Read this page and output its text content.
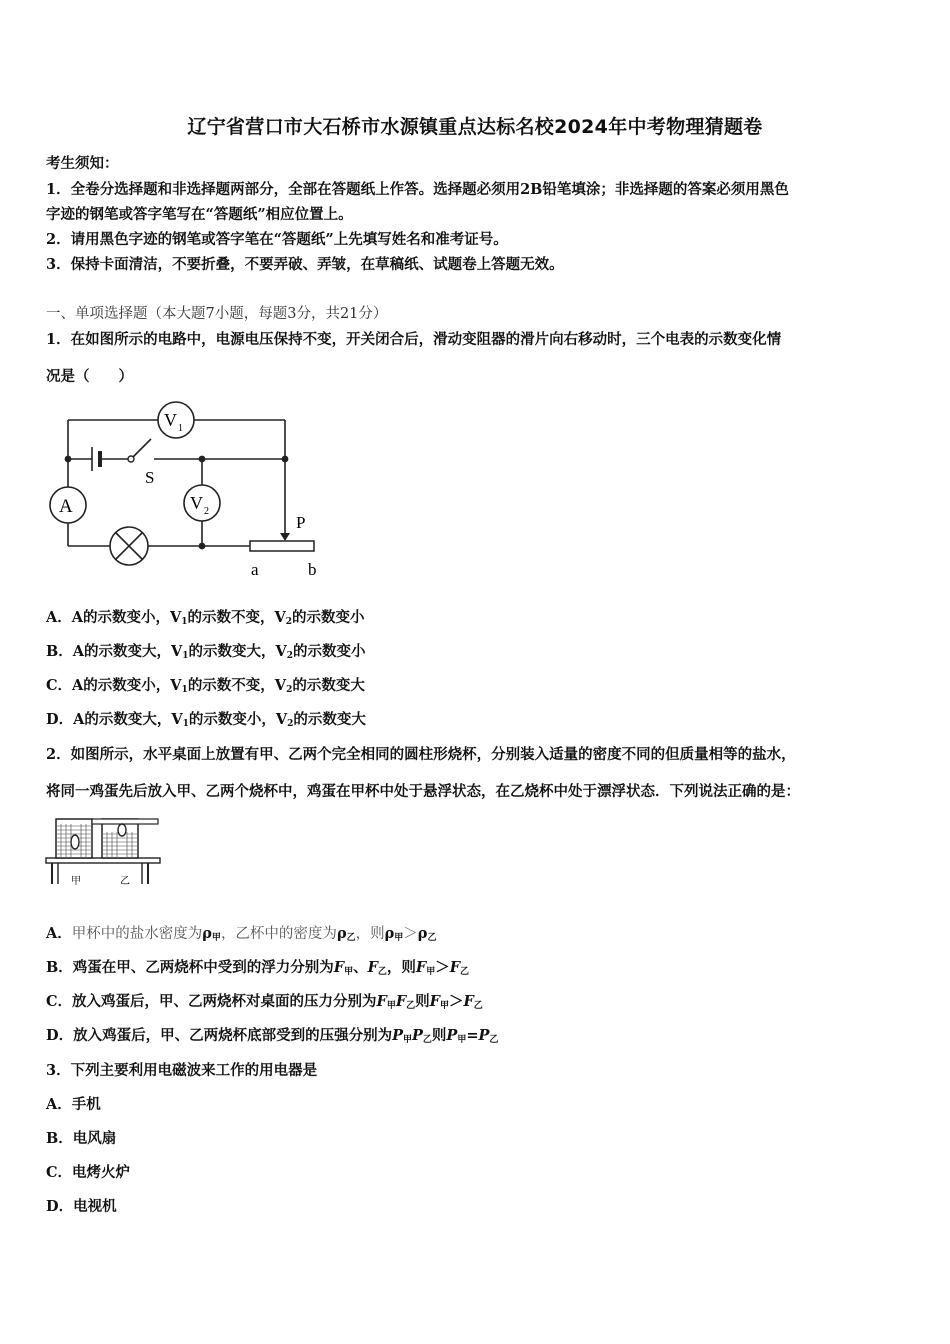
辽宁省营口市大石桥市水源镇重点达标名校2024年中考物理猜题卷
考生须知：
1．全卷分选择题和非选择题两部分，全部在答题纸上作答。选择题必须用2B铅笔填涂；非选择题的答案必须用黑色
字迹的钢笔或答字笔写在“答题纸”相应位置上。
2．请用黑色字迹的钢笔或答字笔在“答题纸”上先填写姓名和准考证号。
3．保持卡面清洁，不要折叠，不要弄破、弄皱，在草稿纸、试题卷上答题无效。
一、单项选择题（本大题7小题，每题3分，共21分）
1．在如图所示的电路中，电源电压保持不变，开关闭合后，滑动变阻器的滑片向右移动时，三个电表的示数变化情
况是（　　）
V 1
V 2
A
S
P
a	b
A．A的示数变小，$V_1$的示数不变，$V_2$的示数变小
B．A的示数变大，$V_1$的示数变大，$V_2$的示数变小
C．A的示数变小，$V_1$的示数不变，$V_2$的示数变大
D．A的示数变大，$V_1$的示数变小，$V_2$的示数变大
2．如图所示，水平桌面上放置有甲、乙两个完全相同的圆柱形烧杯，分别装入适量的密度不同的但质量相等的盐水，
将同一鸡蛋先后放入甲、乙两个烧杯中，鸡蛋在甲杯中处于悬浮状态，在乙烧杯中处于漂浮状态．下列说法正确的是：
甲	乙
A．甲杯中的盐水密度为$\rho_甲$，乙杯中的密度为$\rho_乙$，则$\rho_甲>\rho_乙$
B．鸡蛋在甲、乙两烧杯中受到的浮力分别为$F_甲$、$F_乙$，则$F_甲>F_乙$
C．放入鸡蛋后，甲、乙两烧杯对桌面的压力分别为$F_甲F_乙$则$F_甲>F_乙$
D．放入鸡蛋后，甲、乙两烧杯底部受到的压强分别为$P_甲P_乙$则$P_甲=P_乙$
3．下列主要利用电磁波来工作的用电器是
A．手机
B．电风扇
C．电烤火炉
D．电视机
